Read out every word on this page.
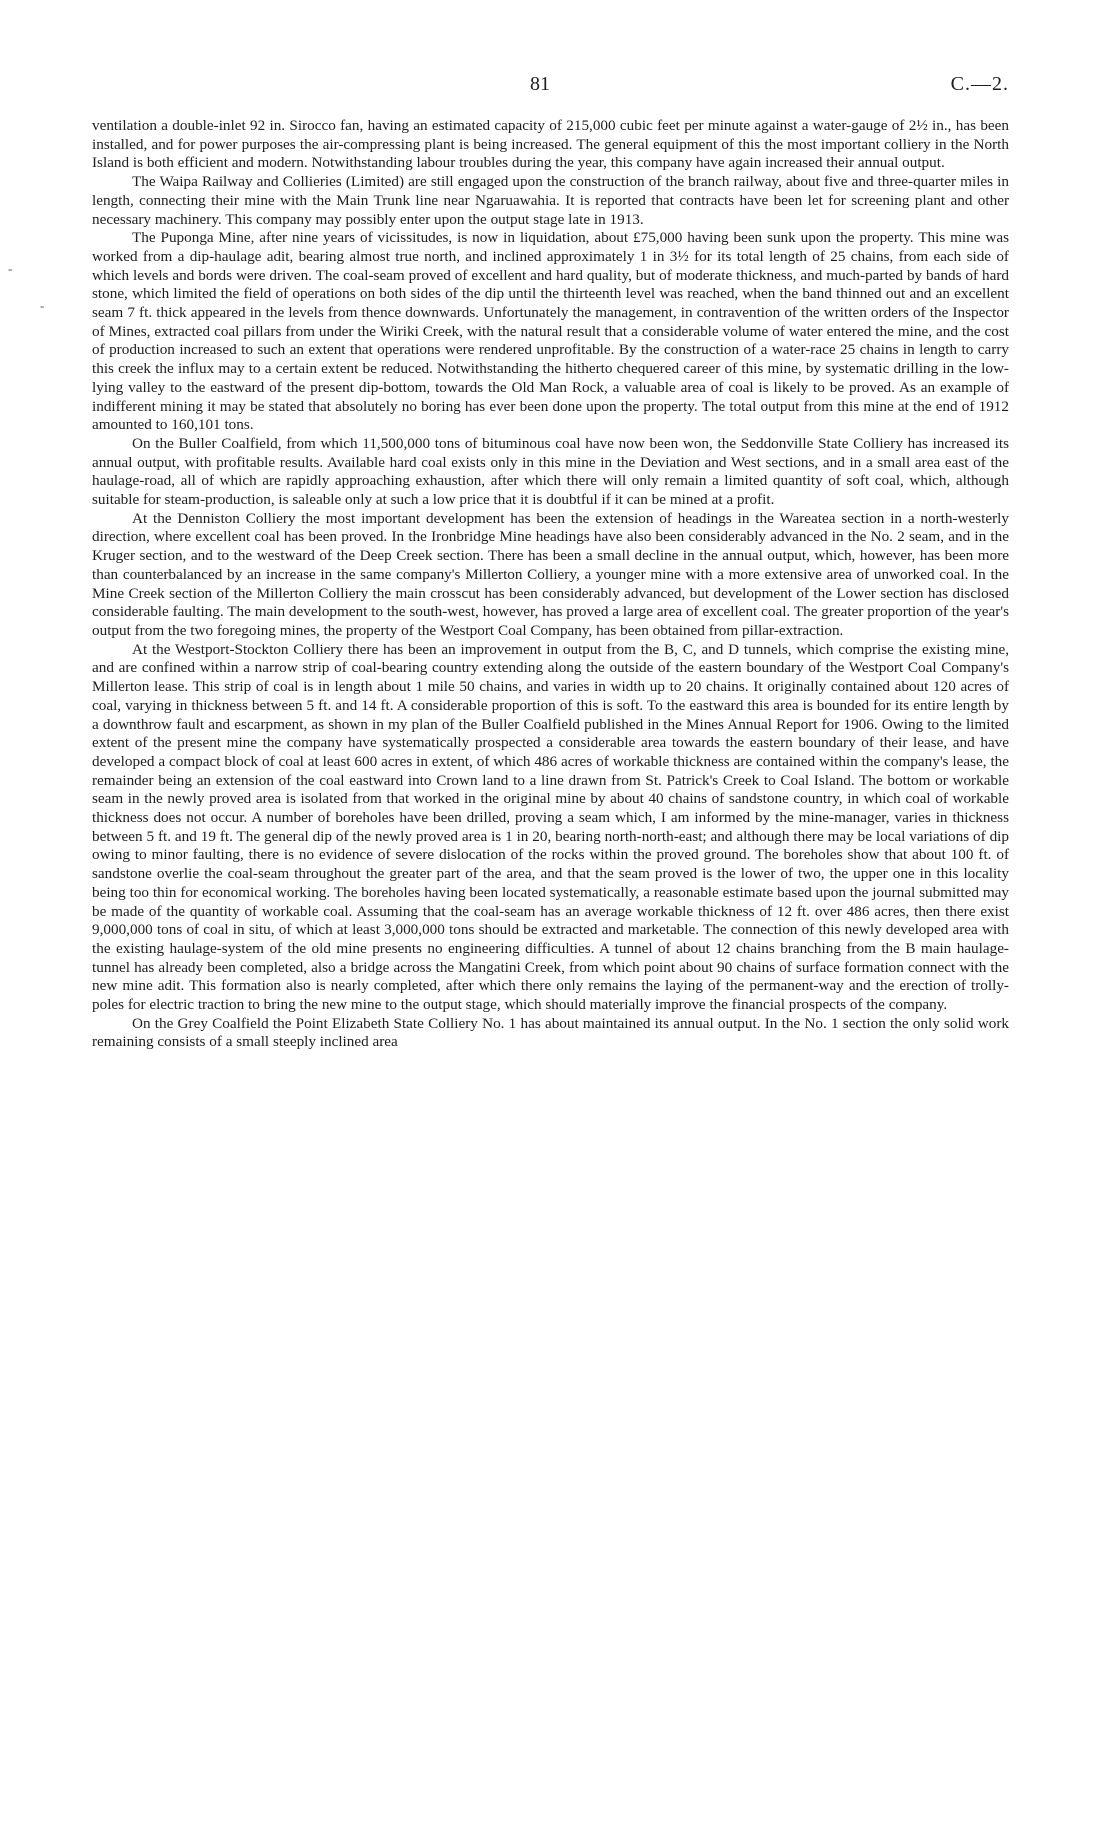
81	C.—2.
-
-

ventilation a double-inlet 92 in. Sirocco fan, having an estimated capacity of 215,000 cubic feet per minute against a water-gauge of 2½ in., has been installed, and for power purposes the air-compressing plant is being increased. The general equipment of this the most important colliery in the North Island is both efficient and modern. Notwithstanding labour troubles during the year, this company have again increased their annual output.

The Waipa Railway and Collieries (Limited) are still engaged upon the construction of the branch railway, about five and three-quarter miles in length, connecting their mine with the Main Trunk line near Ngaruawahia. It is reported that contracts have been let for screening plant and other necessary machinery. This company may possibly enter upon the output stage late in 1913.

The Puponga Mine, after nine years of vicissitudes, is now in liquidation, about £75,000 having been sunk upon the property. This mine was worked from a dip-haulage adit, bearing almost true north, and inclined approximately 1 in 3½ for its total length of 25 chains, from each side of which levels and bords were driven. The coal-seam proved of excellent and hard quality, but of moderate thickness, and much-parted by bands of hard stone, which limited the field of operations on both sides of the dip until the thirteenth level was reached, when the band thinned out and an excellent seam 7 ft. thick appeared in the levels from thence downwards. Unfortunately the management, in contravention of the written orders of the Inspector of Mines, extracted coal pillars from under the Wiriki Creek, with the natural result that a considerable volume of water entered the mine, and the cost of production increased to such an extent that operations were rendered unprofitable. By the construction of a water-race 25 chains in length to carry this creek the influx may to a certain extent be reduced. Notwithstanding the hitherto chequered career of this mine, by systematic drilling in the low-lying valley to the eastward of the present dip-bottom, towards the Old Man Rock, a valuable area of coal is likely to be proved. As an example of indifferent mining it may be stated that absolutely no boring has ever been done upon the property. The total output from this mine at the end of 1912 amounted to 160,101 tons.

On the Buller Coalfield, from which 11,500,000 tons of bituminous coal have now been won, the Seddonville State Colliery has increased its annual output, with profitable results. Available hard coal exists only in this mine in the Deviation and West sections, and in a small area east of the haulage-road, all of which are rapidly approaching exhaustion, after which there will only remain a limited quantity of soft coal, which, although suitable for steam-production, is saleable only at such a low price that it is doubtful if it can be mined at a profit.

At the Denniston Colliery the most important development has been the extension of headings in the Wareatea section in a north-westerly direction, where excellent coal has been proved. In the Ironbridge Mine headings have also been considerably advanced in the No. 2 seam, and in the Kruger section, and to the westward of the Deep Creek section. There has been a small decline in the annual output, which, however, has been more than counterbalanced by an increase in the same company's Millerton Colliery, a younger mine with a more extensive area of unworked coal. In the Mine Creek section of the Millerton Colliery the main crosscut has been considerably advanced, but development of the Lower section has disclosed considerable faulting. The main development to the south-west, however, has proved a large area of excellent coal. The greater proportion of the year's output from the two foregoing mines, the property of the Westport Coal Company, has been obtained from pillar-extraction.

At the Westport-Stockton Colliery there has been an improvement in output from the B, C, and D tunnels, which comprise the existing mine, and are confined within a narrow strip of coal-bearing country extending along the outside of the eastern boundary of the Westport Coal Company's Millerton lease. This strip of coal is in length about 1 mile 50 chains, and varies in width up to 20 chains. It originally contained about 120 acres of coal, varying in thickness between 5 ft. and 14 ft. A considerable proportion of this is soft. To the eastward this area is bounded for its entire length by a downthrow fault and escarpment, as shown in my plan of the Buller Coalfield published in the Mines Annual Report for 1906. Owing to the limited extent of the present mine the company have systematically prospected a considerable area towards the eastern boundary of their lease, and have developed a compact block of coal at least 600 acres in extent, of which 486 acres of workable thickness are contained within the company's lease, the remainder being an extension of the coal eastward into Crown land to a line drawn from St. Patrick's Creek to Coal Island. The bottom or workable seam in the newly proved area is isolated from that worked in the original mine by about 40 chains of sandstone country, in which coal of workable thickness does not occur. A number of boreholes have been drilled, proving a seam which, I am informed by the mine-manager, varies in thickness between 5 ft. and 19 ft. The general dip of the newly proved area is 1 in 20, bearing north-north-east; and although there may be local variations of dip owing to minor faulting, there is no evidence of severe dislocation of the rocks within the proved ground. The boreholes show that about 100 ft. of sandstone overlie the coal-seam throughout the greater part of the area, and that the seam proved is the lower of two, the upper one in this locality being too thin for economical working. The boreholes having been located systematically, a reasonable estimate based upon the journal submitted may be made of the quantity of workable coal. Assuming that the coal-seam has an average workable thickness of 12 ft. over 486 acres, then there exist 9,000,000 tons of coal in situ, of which at least 3,000,000 tons should be extracted and marketable. The connection of this newly developed area with the existing haulage-system of the old mine presents no engineering difficulties. A tunnel of about 12 chains branching from the B main haulage-tunnel has already been completed, also a bridge across the Mangatini Creek, from which point about 90 chains of surface formation connect with the new mine adit. This formation also is nearly completed, after which there only remains the laying of the permanent-way and the erection of trolly-poles for electric traction to bring the new mine to the output stage, which should materially improve the financial prospects of the company.

On the Grey Coalfield the Point Elizabeth State Colliery No. 1 has about maintained its annual output. In the No. 1 section the only solid work remaining consists of a small steeply inclined area
